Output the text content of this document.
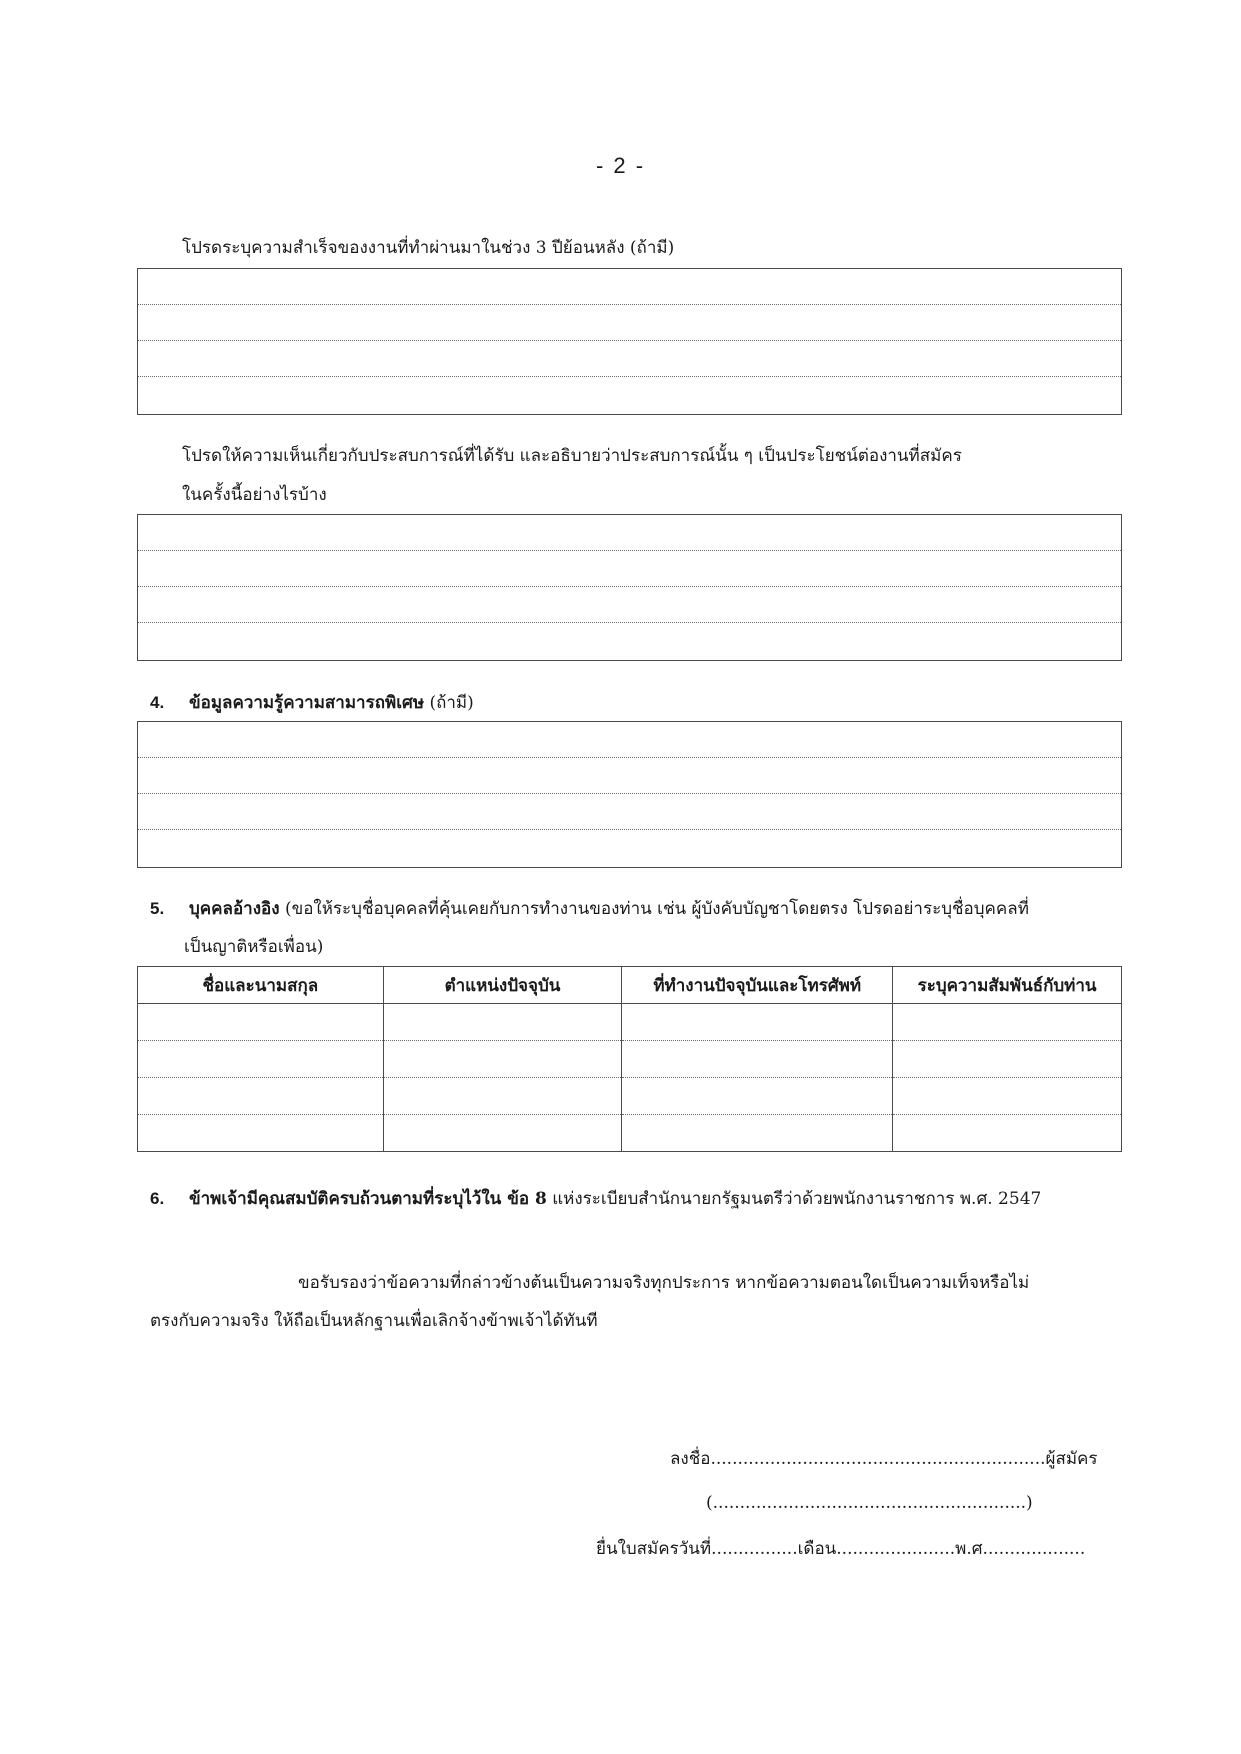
- 2 -
โปรดระบุความสำเร็จของงานที่ทำผ่านมาในช่วง 3 ปีย้อนหลัง (ถ้ามี)
โปรดให้ความเห็นเกี่ยวกับประสบการณ์ที่ได้รับ และอธิบายว่าประสบการณ์นั้น ๆ เป็นประโยชน์ต่องานที่สมัคร
ในครั้งนี้อย่างไรบ้าง
4. ข้อมูลความรู้ความสามารถพิเศษ (ถ้ามี)
5. บุคคลอ้างอิง (ขอให้ระบุชื่อบุคคลที่คุ้นเคยกับการทำงานของท่าน เช่น ผู้บังคับบัญชาโดยตรง โปรดอย่าระบุชื่อบุคคลที่
เป็นญาติหรือเพื่อน)
ชื่อและนามสกุล	ตำแหน่งปัจจุบัน	ที่ทำงานปัจจุบันและโทรศัพท์	ระบุความสัมพันธ์กับท่าน

6. ข้าพเจ้ามีคุณสมบัติครบถ้วนตามที่ระบุไว้ใน ข้อ 8 แห่งระเบียบสำนักนายกรัฐมนตรีว่าด้วยพนักงานราชการ พ.ศ. 2547
ขอรับรองว่าข้อความที่กล่าวข้างต้นเป็นความจริงทุกประการ หากข้อความตอนใดเป็นความเท็จหรือไม่
ตรงกับความจริง ให้ถือเป็นหลักฐานเพื่อเลิกจ้างข้าพเจ้าได้ทันที
ลงชื่อ..............................................................ผู้สมัคร
(..........................................................)
ยื่นใบสมัครวันที่................เดือน......................พ.ศ...................
